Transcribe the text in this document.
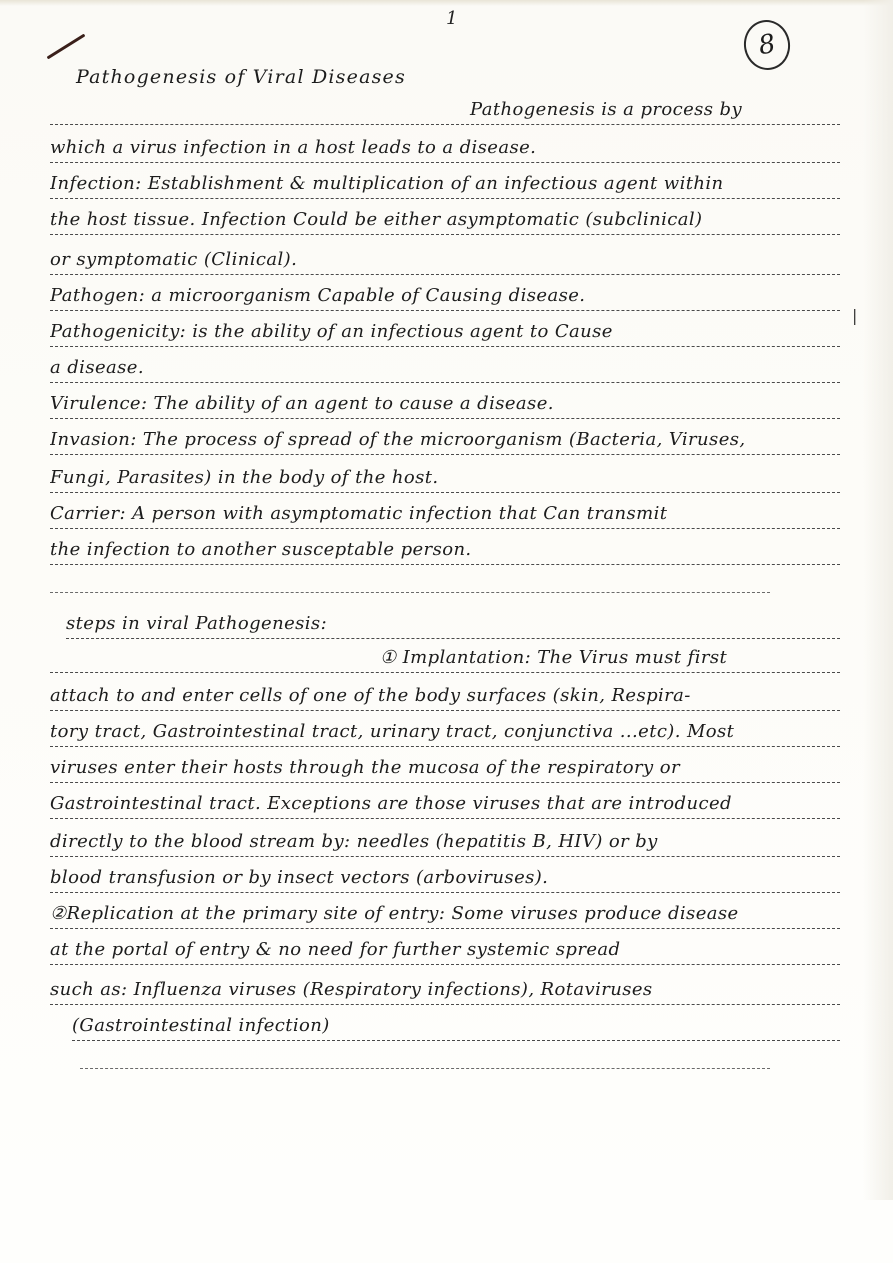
1
8
Pathogenesis of Viral Diseases
Pathogenesis is a process by
which a virus infection in a host leads to a disease.
Infection: Establishment & multiplication of an infectious agent within
the host tissue. Infection Could be either asymptomatic (subclinical)
or symptomatic (Clinical).
Pathogen: a microorganism Capable of Causing disease.
Pathogenicity: is the ability of an infectious agent to Cause
a disease.
Virulence: The ability of an agent to cause a disease.
Invasion: The process of spread of the microorganism (Bacteria, Viruses,
Fungi, Parasites) in the body of the host.
Carrier: A person with asymptomatic infection that Can transmit
the infection to another susceptable person.
steps in viral Pathogenesis:
① Implantation: The Virus must first
attach to and enter cells of one of the body surfaces (skin, Respira-
tory tract, Gastrointestinal tract, urinary tract, conjunctiva ...etc). Most
viruses enter their hosts through the mucosa of the respiratory or
Gastrointestinal tract. Exceptions are those viruses that are introduced
directly to the blood stream by: needles (hepatitis B, HIV) or by
blood transfusion or by insect vectors (arboviruses).
②Replication at the primary site of entry: Some viruses produce disease
at the portal of entry & no need for further systemic spread
such as: Influenza viruses (Respiratory infections), Rotaviruses
(Gastrointestinal infection)
|
